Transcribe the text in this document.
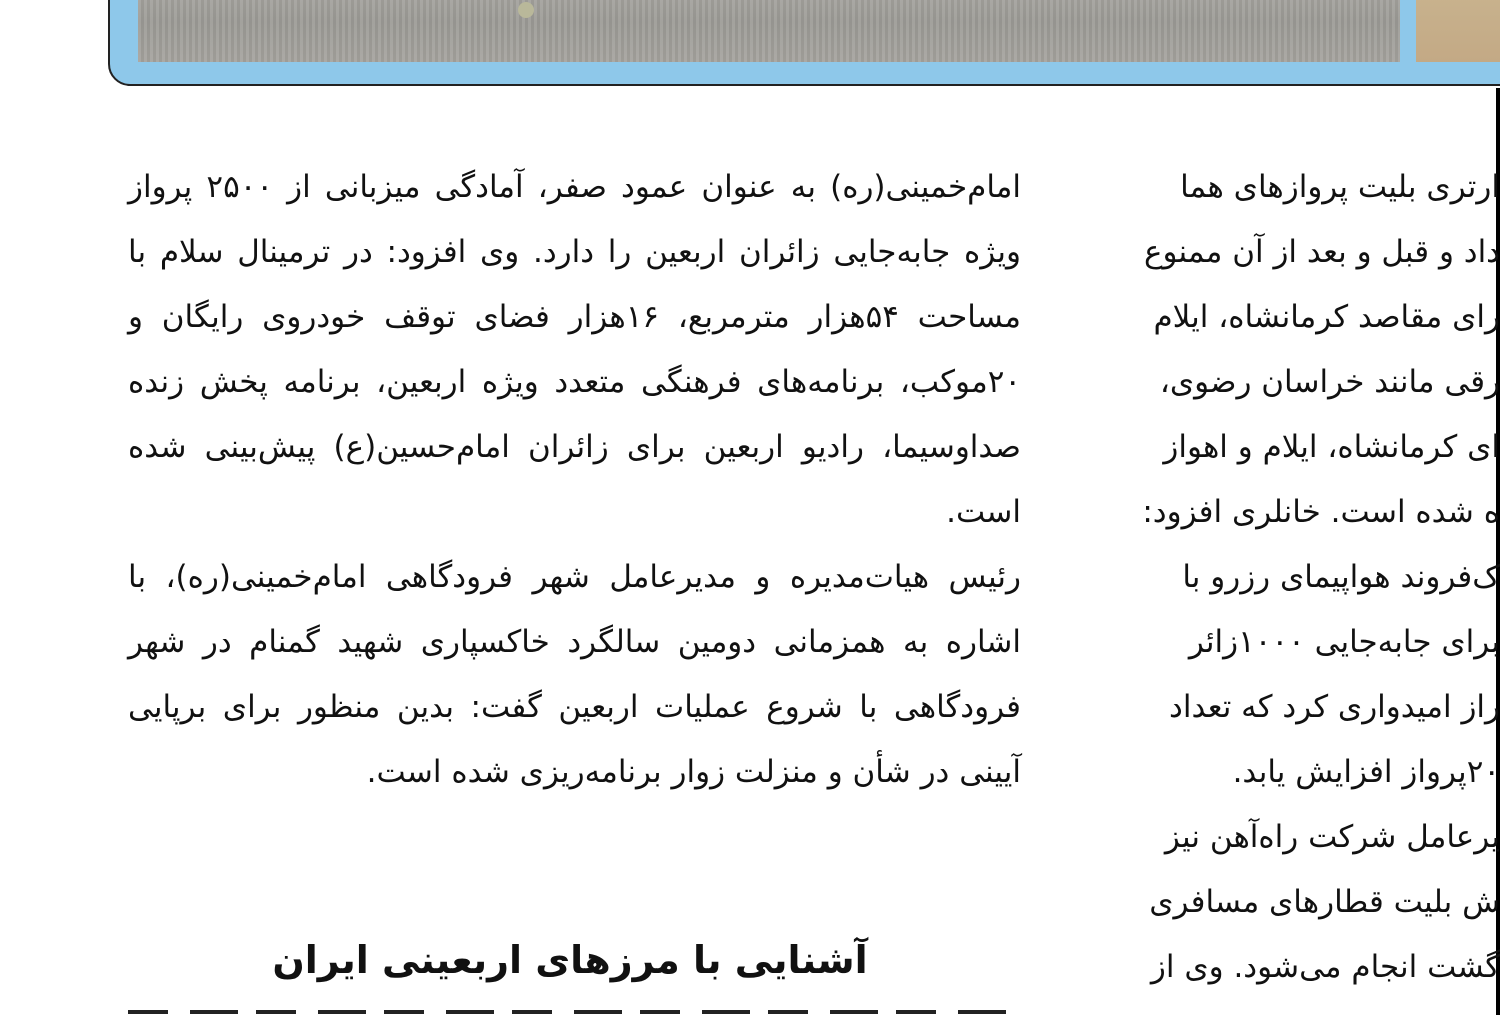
امام‌خمینی(ره) به عنوان عمود صفر، آمادگی میزبانی از ۲۵۰۰ پرواز ویژه جابه‌جایی زائران اربعین را دارد. وی افزود: در ترمینال سلام با مساحت ۵۴هزار مترمربع، ۱۶هزار فضای توقف خودروی رایگان و ۲۰موکب، برنامه‌های فرهنگی متعدد ویژه اربعین، برنامه پخش زنده صداوسیما، رادیو اربعین برای زائران امام‌حسین(ع) پیش‌بینی شده است.

رئیس هیات‌مدیره و مدیرعامل شهر فرودگاهی امام‌خمینی(ره)، با اشاره به همزمانی دومین سالگرد خاکسپاری شهید گمنام در شهر فرودگاهی با شروع عملیات اربعین گفت: بدین منظور برای برپایی آیینی در شأن و منزلت زوار برنامه‌ریزی شده است.

آشنایی با مرزهای اربعینی ایران
ارتری بلیت پروازهای هما
داد و قبل و بعد از آن ممنوع
رای مقاصد کرمانشاه، ایلام
رقی مانند خراسان رضوی،
ای کرمانشاه، ایلام و اهواز
ه شده است. خانلری افزود:
ک‌فروند هواپیمای رزرو با
برای جابه‌جایی ۱۰۰۰زائر
راز امیدواری کرد که تعداد
۲۰پرواز افزایش یابد.
یرعامل شرکت راه‌آهن نیز
ش بلیت قطارهای مسافری
گشت انجام می‌شود. وی از
